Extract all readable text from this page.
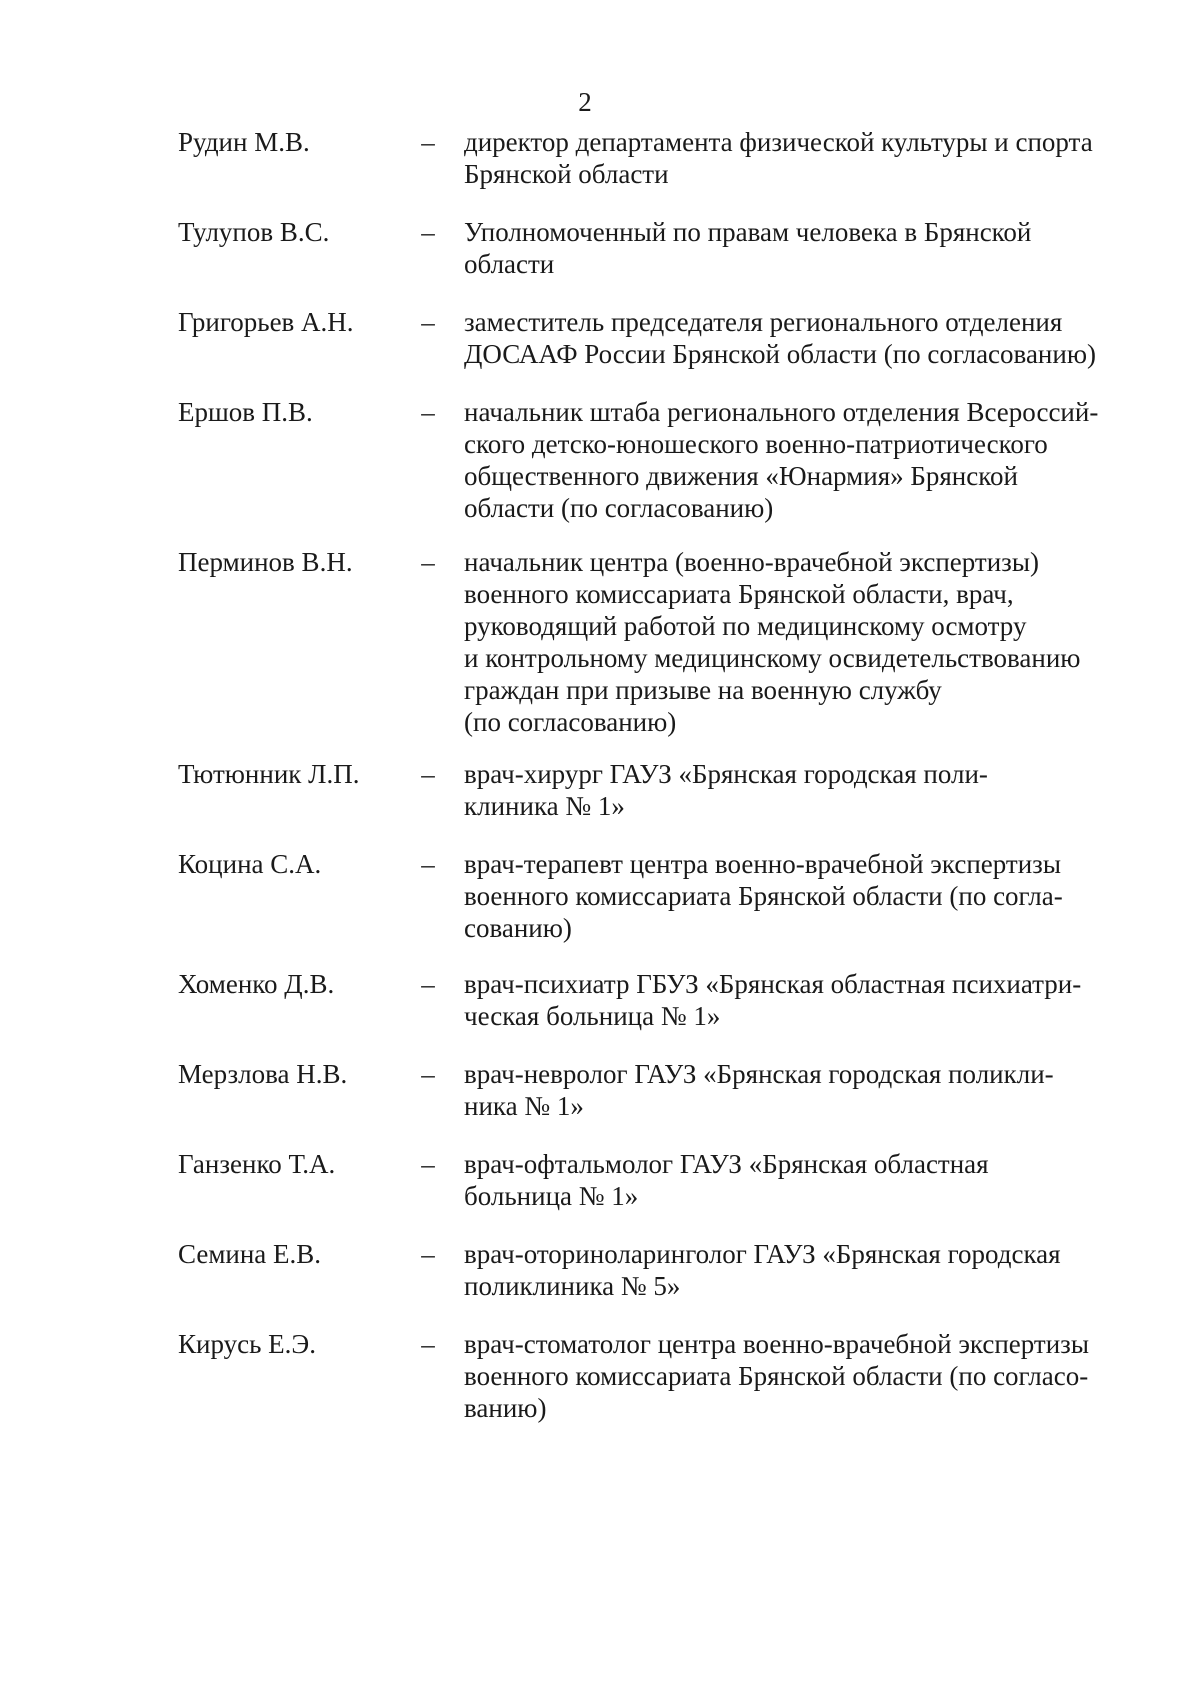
2
Рудин М.В.	– директор департамента физической культуры и спорта
Брянской области
Тулупов В.С.	– Уполномоченный по правам человека в Брянской
области
Григорьев А.Н.	– заместитель председателя регионального отделения
ДОСААФ России Брянской области (по согласованию)
Ершов П.В.	– начальник штаба регионального отделения Всероссий-
ского детско-юношеского военно-патриотического
общественного движения «Юнармия» Брянской
области (по согласованию)
Перминов В.Н.	– начальник центра (военно-врачебной экспертизы)
военного комиссариата Брянской области, врач,
руководящий работой по медицинскому осмотру
и контрольному медицинскому освидетельствованию
граждан при призыве на военную службу
(по согласованию)
Тютюнник Л.П. – врач-хирург ГАУЗ «Брянская городская поли-
клиника № 1»
Коцина С.А.	– врач-терапевт центра военно-врачебной экспертизы
военного комиссариата Брянской области (по согла-
сованию)
Хоменко Д.В.	– врач-психиатр ГБУЗ «Брянская областная психиатри-
ческая больница № 1»
Мерзлова Н.В.	– врач-невролог ГАУЗ «Брянская городская поликли-
ника № 1»
Ганзенко Т.А.	– врач-офтальмолог ГАУЗ «Брянская областная
больница № 1»
Семина Е.В.	– врач-оториноларинголог ГАУЗ «Брянская городская
поликлиника № 5»
Кирусь Е.Э.	– врач-стоматолог центра военно-врачебной экспертизы
военного комиссариата Брянской области (по согласо-
ванию)
